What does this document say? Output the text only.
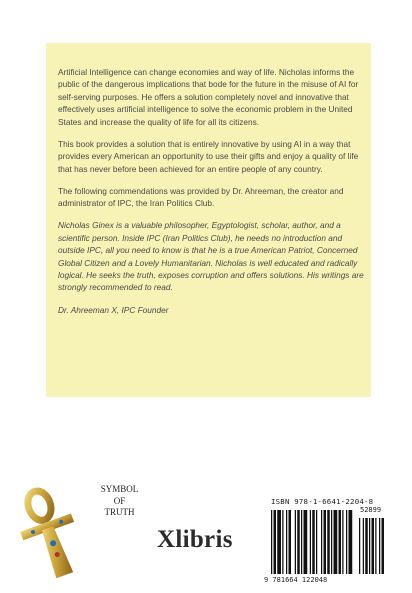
Artificial Intelligence can change economies and way of life. Nicholas informs the public of the dangerous implications that bode for the future in the misuse of AI for self-serving purposes. He offers a solution completely novel and innovative that effectively uses artificial intelligence to solve the economic problem in the United States and increase the quality of life for all its citizens.

This book provides a solution that is entirely innovative by using AI in a way that provides every American an opportunity to use their gifts and enjoy a quality of life that has never before been achieved for an entire people of any country.

The following commendations was provided by Dr. Ahreeman, the creator and administrator of IPC, the Iran Politics Club.

Nicholas Ginex is a valuable philosopher, Egyptologist, scholar, author, and a scientific person. Inside IPC (Iran Politics Club), he needs no introduction and outside IPC, all you need to know is that he is a true American Patriot, Concerned Global Citizen and a Lovely Humanitarian. Nicholas is well educated and radically logical. He seeks the truth, exposes corruption and offers solutions. His writings are strongly recommended to read.

Dr. Ahreeman X, IPC Founder

SYMBOL
OF
TRUTH
Xlibris
ISBN 978-1-6641-2204-8
52899
9 781664 122048
